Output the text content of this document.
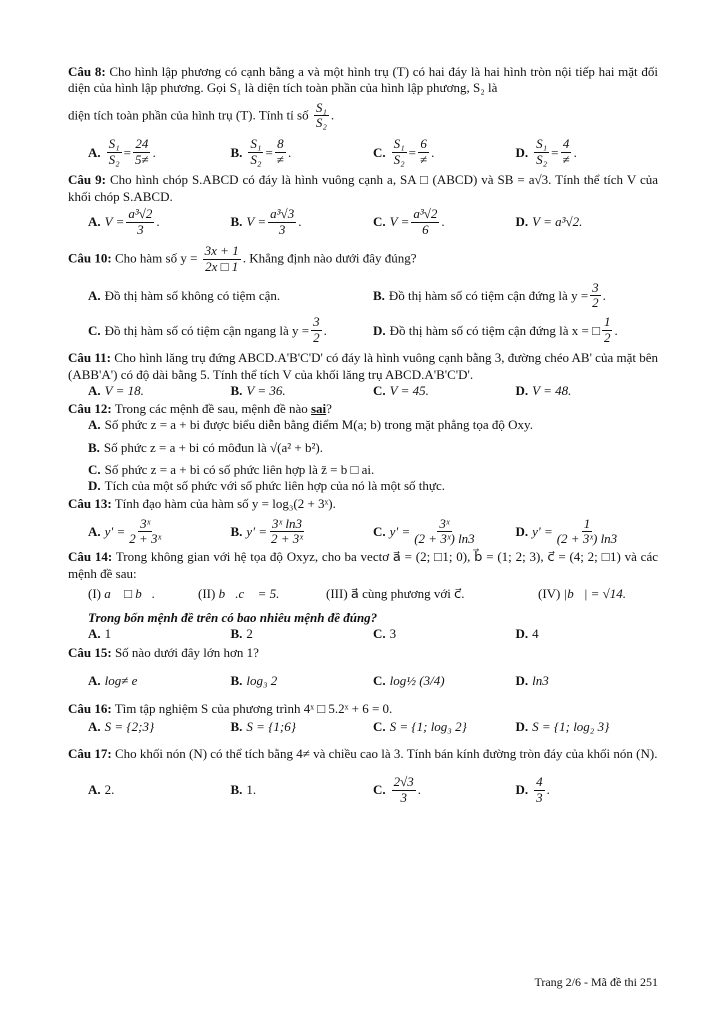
Câu 8: Cho hình lập phương có cạnh bằng a và một hình trụ (T) có hai đáy là hai hình tròn nội tiếp hai mặt đối diện của hình lập phương. Gọi S₁ là diện tích toàn phần của hình lập phương, S₂ là
diện tích toàn phần của hình trụ (T). Tính tỉ số $\frac{\text{S₁}}{\text{S₂}}$ .
A. $\frac{\text{S₁}}{\text{S₂}} = \frac{24}{5\ne}$ .	B. $\frac{\text{S₁}}{\text{S₂}} = \frac{8}{\ne}$ .	C. $\frac{\text{S₁}}{\text{S₂}} = \frac{6}{\ne}$ .	D. $\frac{\text{S₁}}{\text{S₂}} = \frac{4}{\ne}$ .
Câu 9: Cho hình chóp S.ABCD có đáy là hình vuông cạnh a, SA □ (ABCD) và SB = a√3. Tính thể tích V của khối chóp S.ABCD.
A. $V = \frac{\text{a³√2}}{3}$ .	B. $V = \frac{\text{a³√3}}{3}$ .	C. $V = \frac{\text{a³√2}}{6}$ .	D. V = a³√2.
Câu 10: Cho hàm số $y = \frac{3x + 1}{2x □ 1}$ . Khẳng định nào dưới đây đúng?
A. Đồ thị hàm số không có tiệm cận.	B. Đồ thị hàm số có tiệm cận đứng là $y = \frac{3}{2}$ .
C. Đồ thị hàm số có tiệm cận ngang là $y = \frac{3}{2}$ .	D. Đồ thị hàm số có tiệm cận đứng là x = □ $\frac{1}{2}$ .
Câu 11: Cho hình lăng trụ đứng ABCD.A'B'C'D' có đáy là hình vuông cạnh bằng 3, đường chéo AB' của mặt bên (ABB'A') có độ dài bằng 5. Tính thể tích V của khối lăng trụ ABCD.A'B'C'D'.
A. V = 18.	B. V = 36.	C. V = 45.	D. V = 48.
Câu 12: Trong các mệnh đề sau, mệnh đề nào sai?
A. Số phức z = a + bi được biểu diễn bằng điểm M(a; b) trong mặt phẳng tọa độ Oxy.
B. Số phức z = a + bi có môđun là √(a² + b²).
C. Số phức z = a + bi có số phức liên hợp là z̄ = b □ ai.
D. Tích của một số phức với số phức liên hợp của nó là một số thực.
Câu 13: Tính đạo hàm của hàm số y = log₃(2 + 3ˣ).
A. $y' = \frac{\text{3ˣ}}{\text{2 + 3ˣ}}$	B. $y' = \frac{\text{3ˣ ln3}}{\text{2 + 3ˣ}}$	C. $y' = \frac{\text{3ˣ}}{\text{(2 + 3ˣ) ln3}}$	D. $y' = \frac{1}{\text{(2 + 3ˣ) ln3}}$
Câu 14: Trong không gian với hệ tọa độ Oxyz, cho ba vectơ a⃗ = (2; □1; 0), b⃗ = (1; 2; 3), c⃗ = (4; 2; □1) và các mệnh đề sau:
(I) a⃗ □ b⃗.	(II) b⃗.c⃗ = 5.	(III) a⃗ cùng phương với c⃗.	(IV) |b⃗| = √14.
Trong bốn mệnh đề trên có bao nhiêu mệnh đề đúng?
A. 1	B. 2	C. 3	D. 4
Câu 15: Số nào dưới đây lớn hơn 1?
A. log≠ e	B. log₃ 2	C. log½ (3/4)	D. ln3
Câu 16: Tìm tập nghiệm S của phương trình 4ˣ □ 5.2ˣ + 6 = 0.
A. S = {2;3}	B. S = {1;6}	C. S = {1; log₃ 2}	D. S = {1; log₂ 3}
Câu 17: Cho khối nón (N) có thể tích bằng 4≠ và chiều cao là 3. Tính bán kính đường tròn đáy của khối nón (N).
A. 2.	B. 1.	C. $\frac{2√3}{3}$ .	D. $\frac{4}{3}$ .
Trang 2/6 - Mã đề thi 251
